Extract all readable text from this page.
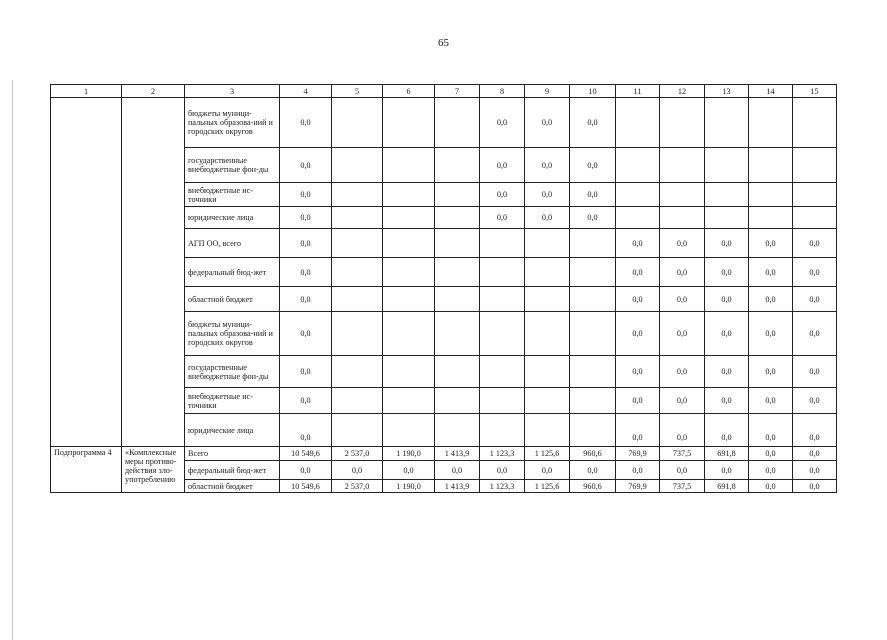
65
1	2	3	4	5	6	7	8	9	10	11	12	13	14	15
		бюджеты муници-пальных образова-ний и городских округов	0,0				0,0	0,0	0,0					
		государственные внебюджетные фон-ды	0,0				0,0	0,0	0,0					
		внебюджетные ис-точники	0,0				0,0	0,0	0,0					
		юридические лица	0,0				0,0	0,0	0,0					
		АГП ОО, всего	0,0							0,0	0,0	0,0	0,0	0,0
		федеральный бюд-жет	0,0							0,0	0,0	0,0	0,0	0,0
		областной бюджет	0,0							0,0	0,0	0,0	0,0	0,0
		бюджеты муници-пальных образова-ний и городских округов	0,0							0,0	0,0	0,0	0,0	0,0
		государственные внебюджетные фон-ды	0,0							0,0	0,0	0,0	0,0	0,0
		внебюджетные ис-точники	0,0							0,0	0,0	0,0	0,0	0,0
		юридические лица	0,0							0,0	0,0	0,0	0,0	0,0
Подпрограмма 4	«Комплексные меры противо-действия зло-употреблению	Всего	10 549,6	2 537,0	1 190,0	1 413,9	1 123,3	1 125,6	960,6	769,9	737,5	691,8	0,0	0,0
		федеральный бюд-жет	0,0	0,0	0,0	0,0	0,0	0,0	0,0	0,0	0,0	0,0	0,0	0,0
		областной бюджет	10 549,6	2 537,0	1 190,0	1 413,9	1 123,3	1 125,6	960,6	769,9	737,5	691,8	0,0	0,0
